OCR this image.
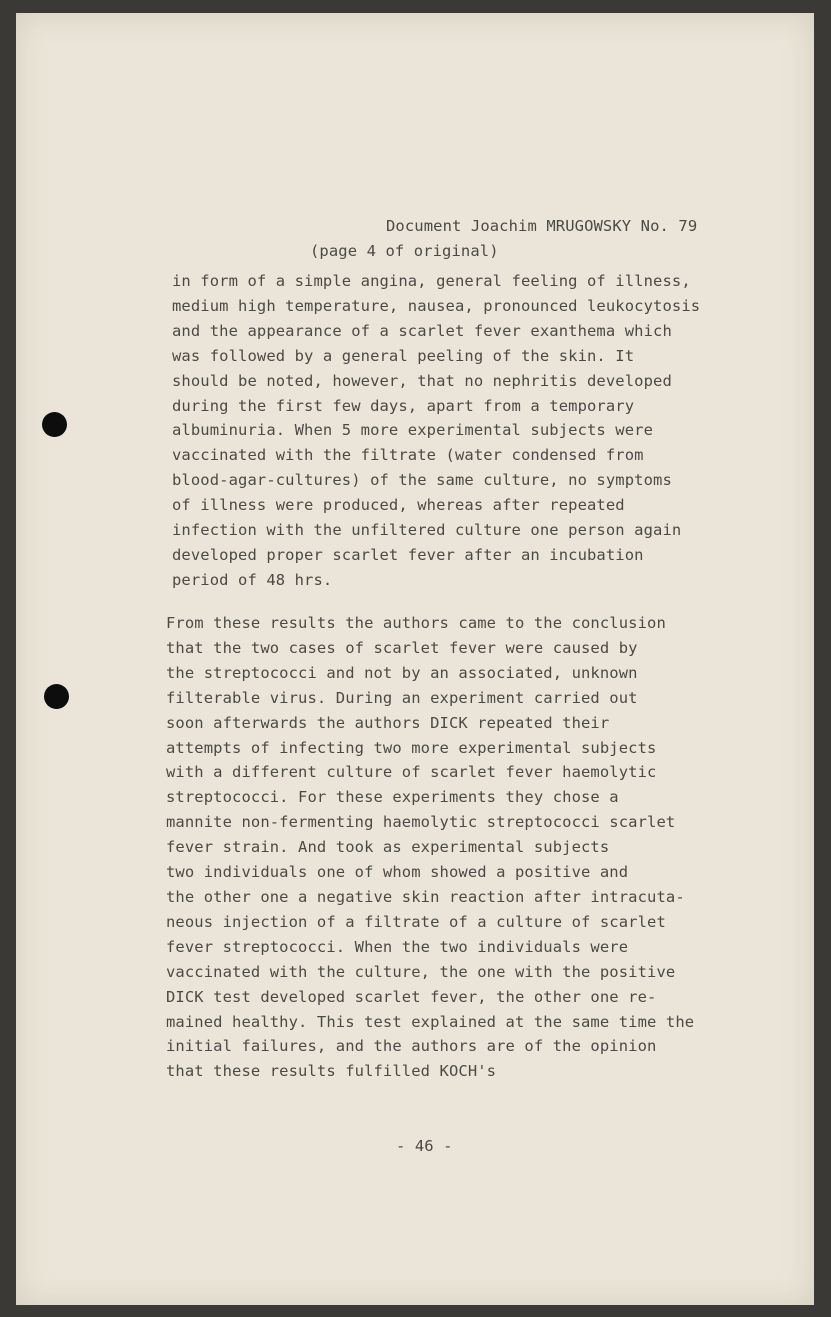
Document Joachim MRUGOWSKY No. 79

(page 4 of original)

in form of a simple angina, general feeling of illness,
medium high temperature, nausea, pronounced leukocytosis
and the appearance of a scarlet fever exanthema which
was followed by a general peeling of the skin. It
should be noted, however, that no nephritis developed
during the first few days, apart from a temporary
albuminuria. When 5 more experimental subjects were
vaccinated with the filtrate (water condensed from
blood-agar-cultures) of the same culture, no symptoms
of illness were produced, whereas after repeated
infection with the unfiltered culture one person again
developed proper scarlet fever after an incubation
period of 48 hrs.

From these results the authors came to the conclusion
that the two cases of scarlet fever were caused by
the streptococci and not by an associated, unknown
filterable virus. During an experiment carried out
soon afterwards the authors DICK repeated their
attempts of infecting two more experimental subjects
with a different culture of scarlet fever haemolytic
streptococci. For these experiments they chose a
mannite non-fermenting haemolytic streptococci scarlet
fever strain. And took as experimental subjects
two individuals one of whom showed a positive and
the other one a negative skin reaction after intracuta-
neous injection of a filtrate of a culture of scarlet
fever streptococci. When the two individuals were
vaccinated with the culture, the one with the positive
DICK test developed scarlet fever, the other one re-
mained healthy. This test explained at the same time the
initial failures, and the authors are of the opinion
that these results fulfilled KOCH's

- 46 -
